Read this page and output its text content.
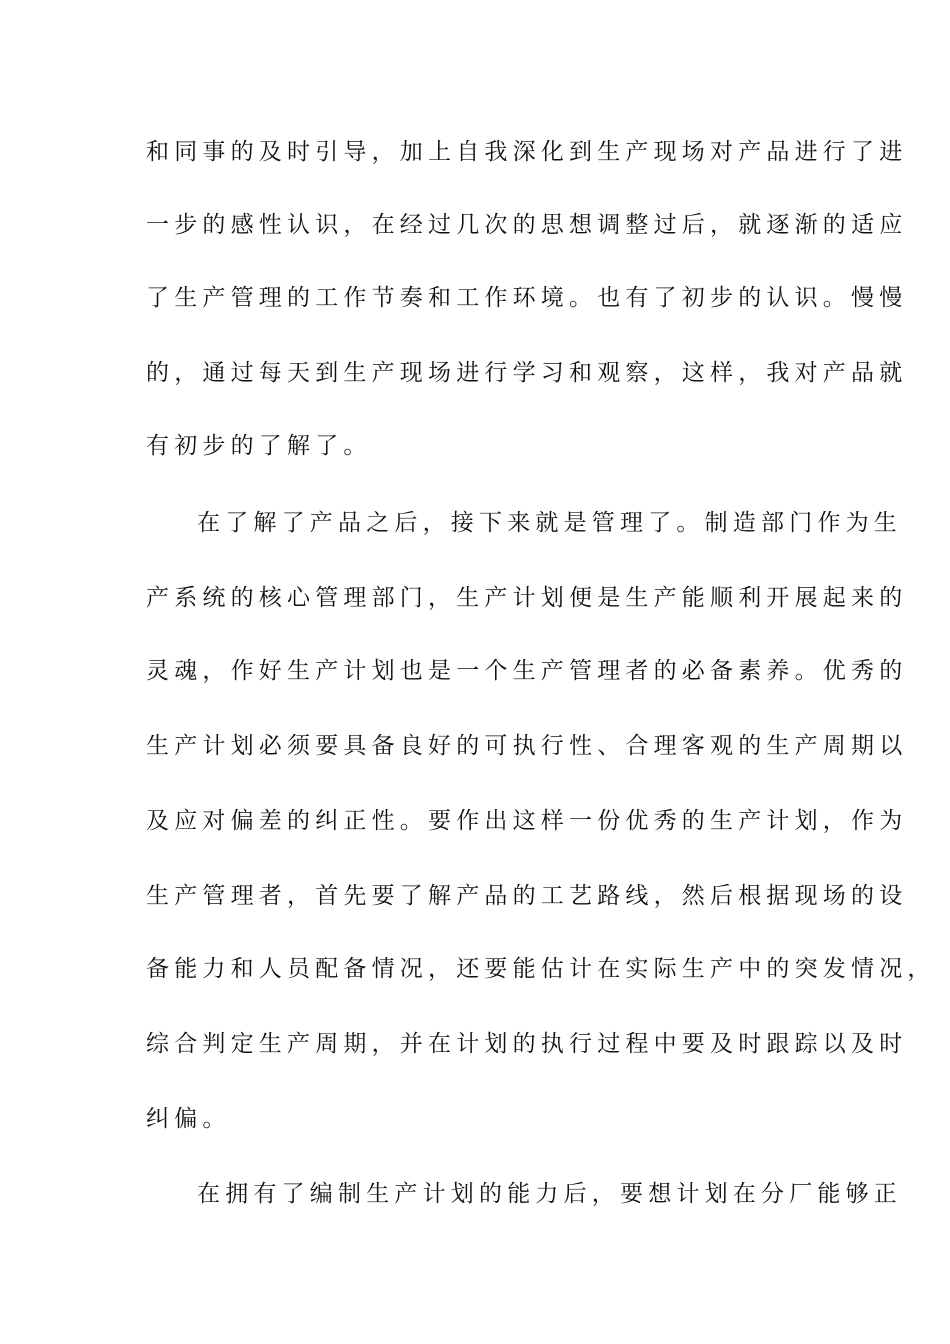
和同事的及时引导，加上自我深化到生产现场对产品进行了进
一步的感性认识，在经过几次的思想调整过后，就逐渐的适应
了生产管理的工作节奏和工作环境。也有了初步的认识。慢慢
的，通过每天到生产现场进行学习和观察，这样，我对产品就
有初步的了解了。
在了解了产品之后，接下来就是管理了。制造部门作为生
产系统的核心管理部门，生产计划便是生产能顺利开展起来的
灵魂，作好生产计划也是一个生产管理者的必备素养。优秀的
生产计划必须要具备良好的可执行性、合理客观的生产周期以
及应对偏差的纠正性。要作出这样一份优秀的生产计划，作为
生产管理者，首先要了解产品的工艺路线，然后根据现场的设
备能力和人员配备情况，还要能估计在实际生产中的突发情况，
综合判定生产周期，并在计划的执行过程中要及时跟踪以及时
纠偏。
在拥有了编制生产计划的能力后，要想计划在分厂能够正
